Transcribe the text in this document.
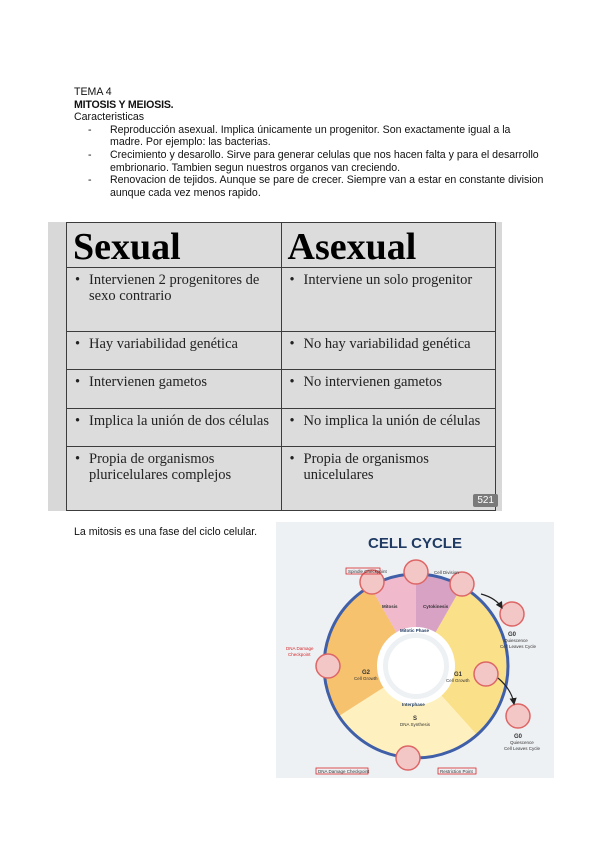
TEMA 4
MITOSIS Y MEIOSIS.
Caracteristicas
- Reproducción asexual. Implica únicamente un progenitor. Son exactamente igual a la madre. Por ejemplo: las bacterias.
- Crecimiento y desarollo. Sirve para generar celulas que nos hacen falta y para el desarrollo embrionario. Tambien segun nuestros organos van creciendo.
- Renovacion de tejidos. Aunque se pare de crecer. Siempre van a estar en constante division aunque cada vez menos rapido.
Sexual	Asexual

• Intervienen 2 progenitores de sexo contrario	• Interviene un solo progenitor

• Hay variabilidad genética	• No hay variabilidad genética

• Intervienen gametos	• No intervienen gametos

• Implica la unión de dos células	• No implica la unión de células

• Propia de organismos pluricelulares complejos	• Propia de organismos unicelulares
521
La mitosis es una fase del ciclo celular.
CELL CYCLE
Spindle Checkpoint	Cell Division
Mitosis	Cytokinesis
Mitotic Phase
G0
Quiescence
Cell Leaves Cycle
DNA Damage
Checkpoint
G2
Cell Growth
G1
Cell Growth
Interphase
S
DNA Synthesis
G0
Quiescence
Cell Leaves Cycle
DNA Damage Checkpoint	Restriction Point
